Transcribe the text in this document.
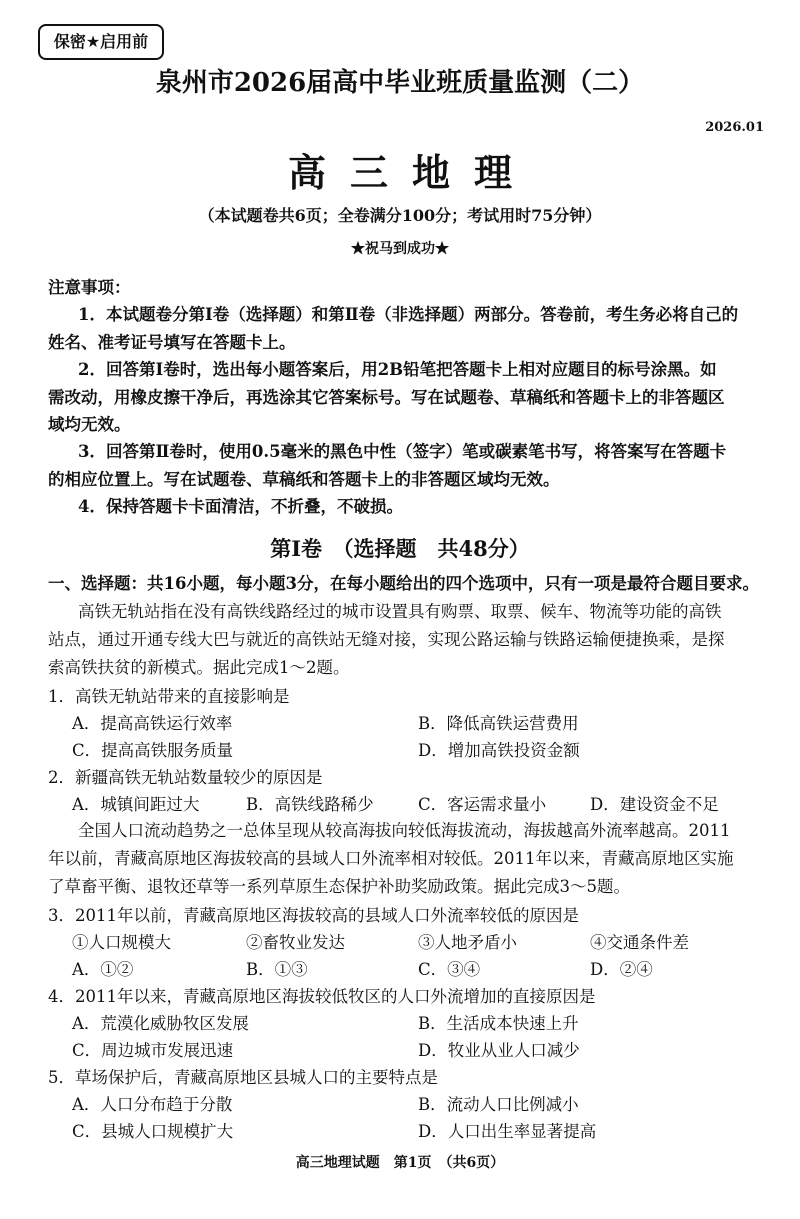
保密★启用前
泉州市2026届高中毕业班质量监测（二）
2026.01
高三地理
（本试题卷共6页；全卷满分100分；考试用时75分钟）
★祝马到成功★
注意事项：
1．本试题卷分第Ⅰ卷（选择题）和第Ⅱ卷（非选择题）两部分。答卷前，考生务必将自己的
姓名、准考证号填写在答题卡上。
2．回答第Ⅰ卷时，选出每小题答案后，用2B铅笔把答题卡上相对应题目的标号涂黑。如
需改动，用橡皮擦干净后，再选涂其它答案标号。写在试题卷、草稿纸和答题卡上的非答题区
域均无效。
3．回答第Ⅱ卷时，使用0.5毫米的黑色中性（签字）笔或碳素笔书写，将答案写在答题卡
的相应位置上。写在试题卷、草稿纸和答题卡上的非答题区域均无效。
4．保持答题卡卡面清洁，不折叠，不破损。
第Ⅰ卷　（选择题　共48分）
一、选择题：共16小题，每小题3分，在每小题给出的四个选项中，只有一项是最符合题目要求。
高铁无轨站指在没有高铁线路经过的城市设置具有购票、取票、候车、物流等功能的高铁
站点，通过开通专线大巴与就近的高铁站无缝对接，实现公路运输与铁路运输便捷换乘，是探
索高铁扶贫的新模式。据此完成1～2题。
1．高铁无轨站带来的直接影响是
A．提高高铁运行效率	B．降低高铁运营费用
C．提高高铁服务质量	D．增加高铁投资金额
2．新疆高铁无轨站数量较少的原因是
A．城镇间距过大	B．高铁线路稀少	C．客运需求量小	D．建设资金不足
全国人口流动趋势之一总体呈现从较高海拔向较低海拔流动，海拔越高外流率越高。2011
年以前，青藏高原地区海拔较高的县域人口外流率相对较低。2011年以来，青藏高原地区实施
了草畜平衡、退牧还草等一系列草原生态保护补助奖励政策。据此完成3～5题。
3．2011年以前，青藏高原地区海拔较高的县域人口外流率较低的原因是
①人口规模大	②畜牧业发达	③人地矛盾小	④交通条件差
A．①②	B．①③	C．③④	D．②④
4．2011年以来，青藏高原地区海拔较低牧区的人口外流增加的直接原因是
A．荒漠化威胁牧区发展	B．生活成本快速上升
C．周边城市发展迅速	D．牧业从业人口减少
5．草场保护后，青藏高原地区县城人口的主要特点是
A．人口分布趋于分散	B．流动人口比例减小
C．县城人口规模扩大	D．人口出生率显著提高
高三地理试题　第1页　（共6页）
